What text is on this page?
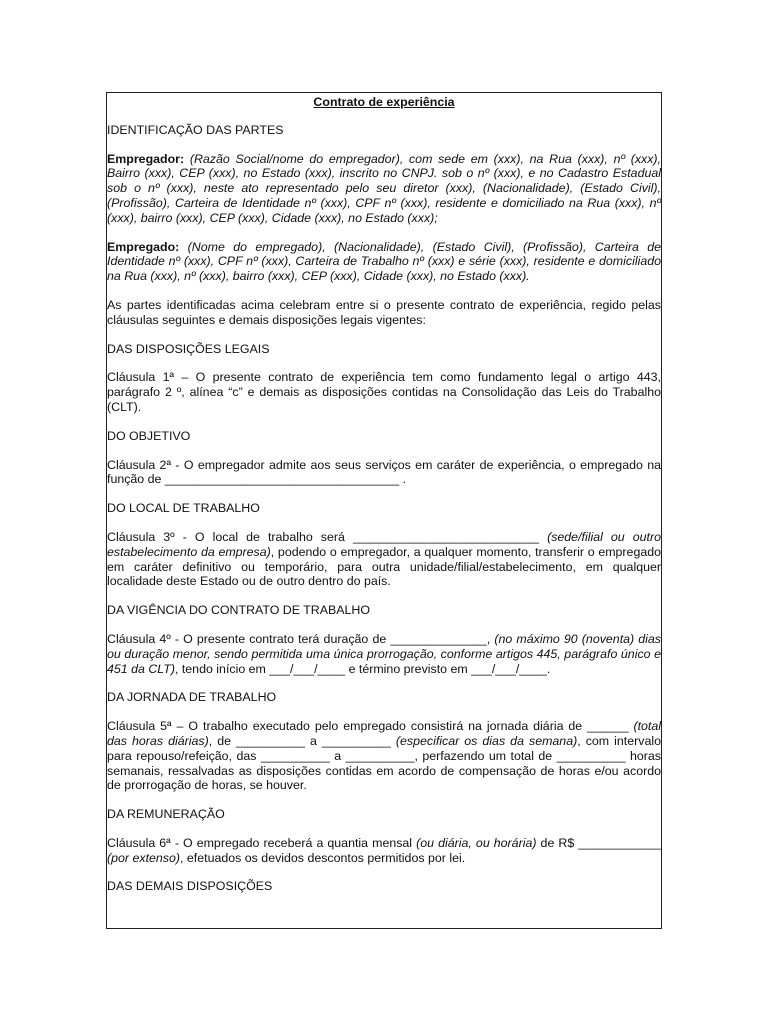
Contrato de experiência

IDENTIFICAÇÃO DAS PARTES

Empregador: (Razão Social/nome do empregador), com sede em (xxx), na Rua (xxx), nº (xxx), Bairro (xxx), CEP (xxx), no Estado (xxx), inscrito no CNPJ. sob o nº (xxx), e no Cadastro Estadual sob o nº (xxx), neste ato representado pelo seu diretor (xxx), (Nacionalidade), (Estado Civil), (Profissão), Carteira de Identidade nº (xxx), CPF nº (xxx), residente e domiciliado na Rua (xxx), nº (xxx), bairro (xxx), CEP (xxx), Cidade (xxx), no Estado (xxx);

Empregado: (Nome do empregado), (Nacionalidade), (Estado Civil), (Profissão), Carteira de Identidade nº (xxx), CPF nº (xxx), Carteira de Trabalho nº (xxx) e série (xxx), residente e domiciliado na Rua (xxx), nº (xxx), bairro (xxx), CEP (xxx), Cidade (xxx), no Estado (xxx).

As partes identificadas acima celebram entre si o presente contrato de experiência, regido pelas cláusulas seguintes e demais disposições legais vigentes:

DAS DISPOSIÇÕES LEGAIS

Cláusula 1ª – O presente contrato de experiência tem como fundamento legal o artigo 443, parágrafo 2 º, alínea “c” e demais as disposições contidas na Consolidação das Leis do Trabalho (CLT).

DO OBJETIVO

Cláusula 2ª - O empregador admite aos seus serviços em caráter de experiência, o empregado na função de __________________________________ .

DO LOCAL DE TRABALHO

Cláusula 3º - O local de trabalho será ___________________________ (sede/filial ou outro estabelecimento da empresa), podendo o empregador, a qualquer momento, transferir o empregado em caráter definitivo ou temporário, para outra unidade/filial/estabelecimento, em qualquer localidade deste Estado ou de outro dentro do país.

DA VIGÊNCIA DO CONTRATO DE TRABALHO

Cláusula 4º - O presente contrato terá duração de ______________, (no máximo 90 (noventa) dias ou duração menor, sendo permitida uma única prorrogação, conforme artigos 445, parágrafo único e 451 da CLT), tendo início em ___/___/____ e término previsto em ___/___/____.

DA JORNADA DE TRABALHO

Cláusula 5ª – O trabalho executado pelo empregado consistirá na jornada diária de ______ (total das horas diárias), de __________ a __________ (especificar os dias da semana), com intervalo para repouso/refeição, das __________ a __________, perfazendo um total de __________ horas semanais, ressalvadas as disposições contidas em acordo de compensação de horas e/ou acordo de prorrogação de horas, se houver.

DA REMUNERAÇÃO

Cláusula 6ª - O empregado receberá a quantia mensal (ou diária, ou horária) de R$ ____________ (por extenso), efetuados os devidos descontos permitidos por lei.

DAS DEMAIS DISPOSIÇÕES
